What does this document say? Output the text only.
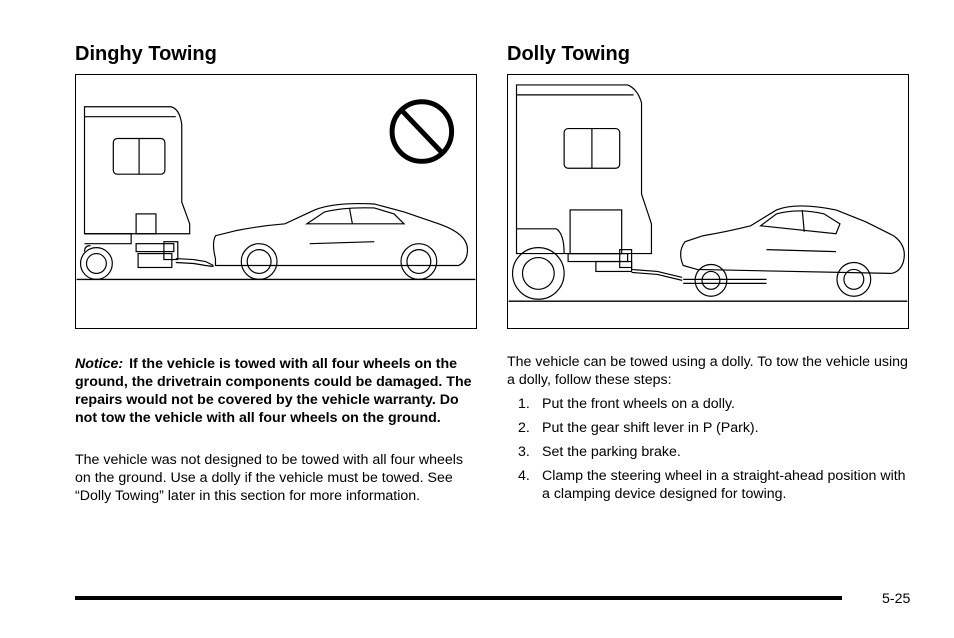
Dinghy Towing	Dolly Towing

Notice: If the vehicle is towed with all four wheels on the ground, the drivetrain components could be damaged. The repairs would not be covered by the vehicle warranty. Do not tow the vehicle with all four wheels on the ground.

The vehicle was not designed to be towed with all four wheels on the ground. Use a dolly if the vehicle must be towed. See “Dolly Towing” later in this section for more information.

The vehicle can be towed using a dolly. To tow the vehicle using a dolly, follow these steps:

1. Put the front wheels on a dolly.
2. Put the gear shift lever in P (Park).
3. Set the parking brake.
4. Clamp the steering wheel in a straight-ahead position with a clamping device designed for towing.
5-25
